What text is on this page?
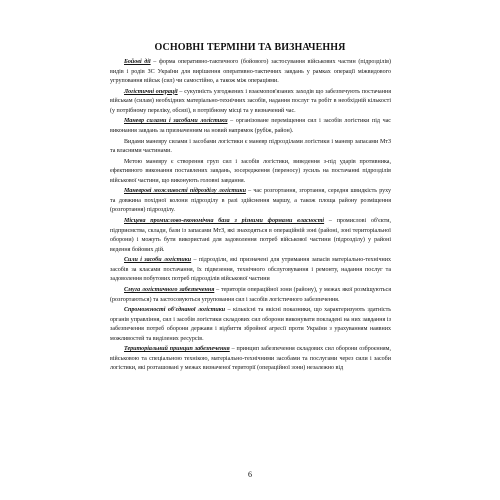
ОСНОВНІ ТЕРМІНИ ТА ВИЗНАЧЕННЯ

Бойові дії – форма оперативно-тактичного (бойового) застосування військових частин (підрозділів) видів і родів ЗС України для вирішення оперативно-тактичних завдань у рамках операції міжвидового угруповання військ (сил) чи самостійно, а також між операціями.

Логістичні операції – сукупність узгоджених і взаємопов'язаних заходів що забезпечують постачання військам (силам) необхідних матеріально-технічних засобів, надання послуг та робіт в необхідній кількості (у потрібному переліку, обсязі), в потрібному місці та у визначений час.

Маневр силами і засобами логістики – організоване переміщення сил і засобів логістики під час виконання завдань за призначенням на новий напрямок (рубіж, район).

Видами маневру силами і засобами логістики є маневр підрозділами логістики і маневр запасами МтЗ та власними частинами.

Метою маневру є створення груп сил і засобів логістики, виведення з-під ударів противника, ефективного виконання поставлених завдань, зосередження (переносу) зусиль на постачанні підрозділів військової частини, що виконують головні завдання.

Маневрові можливості підрозділу логістики – час розгортання, згортання, середня швидкість руху та довжина похідної колони підрозділу в разі здійснення маршу, а також площа району розміщення (розгортання) підрозділу.

Місцева промислово-економічна база з різними формами власності – промислові об'єкти, підприємства, склади, бази із запасами МтЗ, які знаходяться в операційній зоні (районі, зоні територіальної оборони) і можуть бути використані для задоволення потреб військової частини (підрозділу) у районі ведення бойових дій.

Сили і засоби логістики – підрозділи, які призначені для утримання запасів матеріально-технічних засобів за класами постачання, їх підвезення, технічного обслуговування і ремонту, надання послуг та задоволення побутових потреб підрозділів військової частини

Смуга логістичного забезпечення – територія операційної зони (району), у межах якої розміщуються (розгортаються) та застосовуються угруповання сил і засобів логістичного забезпечення.

Спроможності об'єднаної логістики – кількісні та якісні показники, що характеризують здатність органів управління, сил і засобів логістики складових сил оборони виконувати покладені на них завдання із забезпечення потреб оборони держави і відбиття збройної агресії проти України з урахуванням наявних можливостей та виділених ресурсів.

Територіальний принцип забезпечення – принцип забезпечення складових сил оборони озброєнням, військовою та спеціальною технікою, матеріально-технічними засобами та послугами через сили і засоби логістики, які розташовані у межах визначеної території (операційної зони) незалежно від

6
